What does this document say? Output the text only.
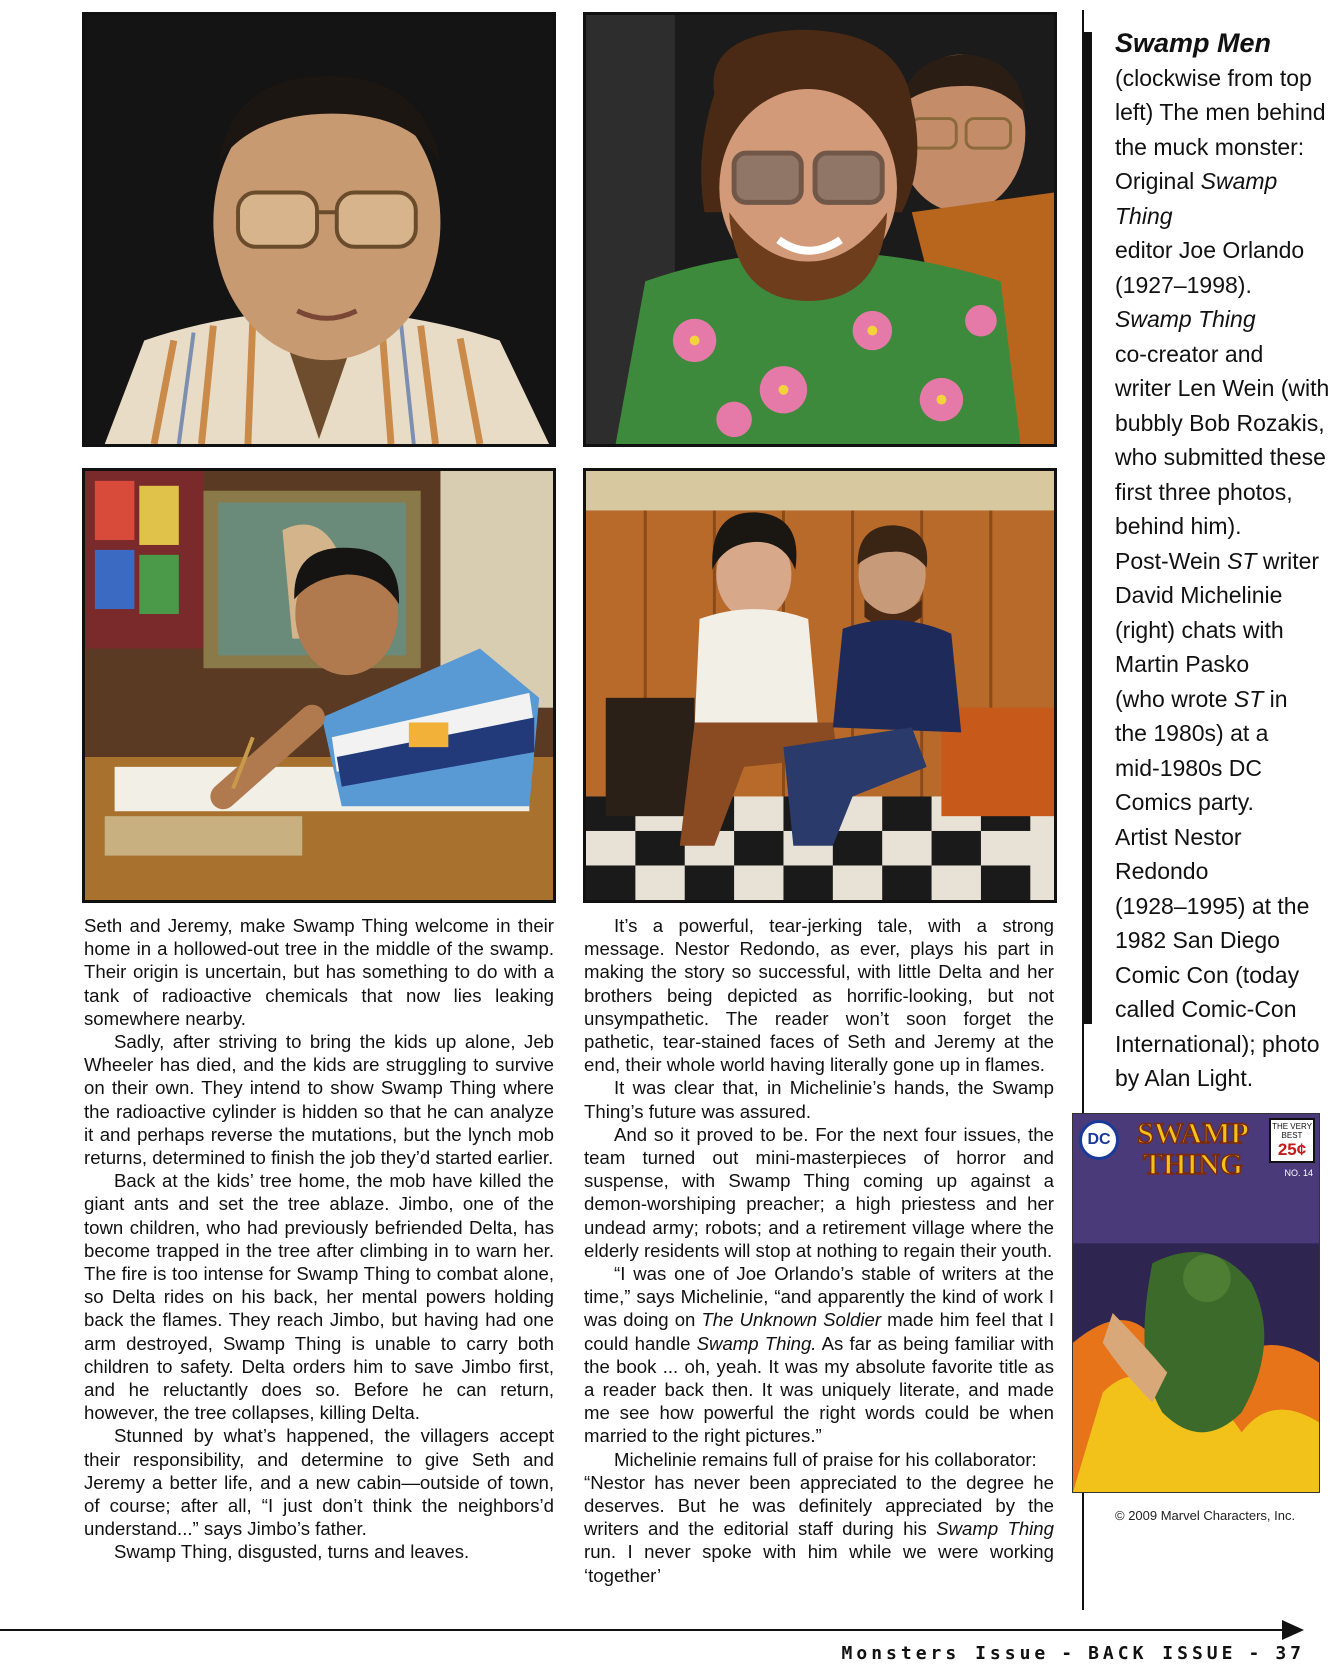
Seth and Jeremy, make Swamp Thing welcome in their home in a hollowed-out tree in the middle of the swamp. Their origin is uncertain, but has something to do with a tank of radioactive chemicals that now lies leaking somewhere nearby.

Sadly, after striving to bring the kids up alone, Jeb Wheeler has died, and the kids are struggling to survive on their own. They intend to show Swamp Thing where the radioactive cylinder is hidden so that he can analyze it and perhaps reverse the mutations, but the lynch mob returns, determined to finish the job they’d started earlier.

Back at the kids’ tree home, the mob have killed the giant ants and set the tree ablaze. Jimbo, one of the town children, who had previously befriended Delta, has become trapped in the tree after climbing in to warn her. The fire is too intense for Swamp Thing to combat alone, so Delta rides on his back, her mental powers holding back the flames. They reach Jimbo, but having had one arm destroyed, Swamp Thing is unable to carry both children to safety. Delta orders him to save Jimbo first, and he reluctantly does so. Before he can return, however, the tree collapses, killing Delta.

Stunned by what’s happened, the villagers accept their responsibility, and determine to give Seth and Jeremy a better life, and a new cabin—outside of town, of course; after all, “I just don’t think the neighbors’d understand...” says Jimbo’s father.

Swamp Thing, disgusted, turns and leaves.

It’s a powerful, tear-jerking tale, with a strong message. Nestor Redondo, as ever, plays his part in making the story so successful, with little Delta and her brothers being depicted as horrific-looking, but not unsympathetic. The reader won’t soon forget the pathetic, tear-stained faces of Seth and Jeremy at the end, their whole world having literally gone up in flames.

It was clear that, in Michelinie’s hands, the Swamp Thing’s future was assured.

And so it proved to be. For the next four issues, the team turned out mini-masterpieces of horror and suspense, with Swamp Thing coming up against a demon-worshiping preacher; a high priestess and her undead army; robots; and a retirement village where the elderly residents will stop at nothing to regain their youth.

“I was one of Joe Orlando’s stable of writers at the time,” says Michelinie, “and apparently the kind of work I was doing on The Unknown Soldier made him feel that I could handle Swamp Thing. As far as being familiar with the book ... oh, yeah. It was my absolute favorite title as a reader back then. It was uniquely literate, and made me see how powerful the right words could be when married to the right pictures.”

Michelinie remains full of praise for his collaborator:

“Nestor has never been appreciated to the degree he deserves. But he was definitely appreciated by the writers and the editorial staff during his Swamp Thing run. I never spoke with him while we were working ‘together’

Swamp Men
(clockwise from top
left) The men behind
the muck monster:
Original Swamp Thing
editor Joe Orlando
(1927–1998).
Swamp Thing
co-creator and
writer Len Wein (with
bubbly Bob Rozakis,
who submitted these
first three photos,
behind him).
Post-Wein ST writer
David Michelinie
(right) chats with
Martin Pasko
(who wrote ST in
the 1980s) at a
mid-1980s DC
Comics party.
Artist Nestor Redondo
(1928–1995) at the
1982 San Diego
Comic Con (today
called Comic-Con
International); photo
by Alan Light.
DC SWAMP
THING
THE VERY BEST
25¢
NO. 14
© 2009 Marvel Characters, Inc.
Monsters Issue - BACK ISSUE - 37
